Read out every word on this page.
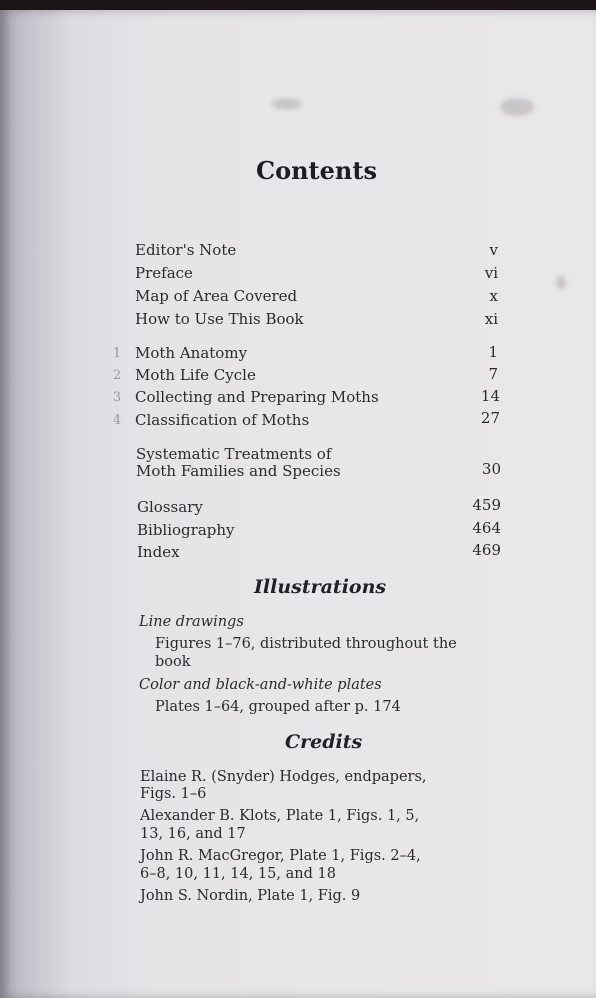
Contents
Editor's Note	v
Preface	vi
Map of Area Covered	x
How to Use This Book	xi
1 Moth Anatomy	1
2 Moth Life Cycle	7
3 Collecting and Preparing Moths	14
4 Classification of Moths	27
Systematic Treatments of
Moth Families and Species	30
Glossary	459
Bibliography	464
Index	469
Illustrations
Line drawings
Figures 1–76, distributed throughout the
book
Color and black-and-white plates
Plates 1–64, grouped after p. 174
Credits
Elaine R. (Snyder) Hodges, endpapers,
Figs. 1–6
Alexander B. Klots, Plate 1, Figs. 1, 5,
13, 16, and 17
John R. MacGregor, Plate 1, Figs. 2–4,
6–8, 10, 11, 14, 15, and 18
John S. Nordin, Plate 1, Fig. 9
